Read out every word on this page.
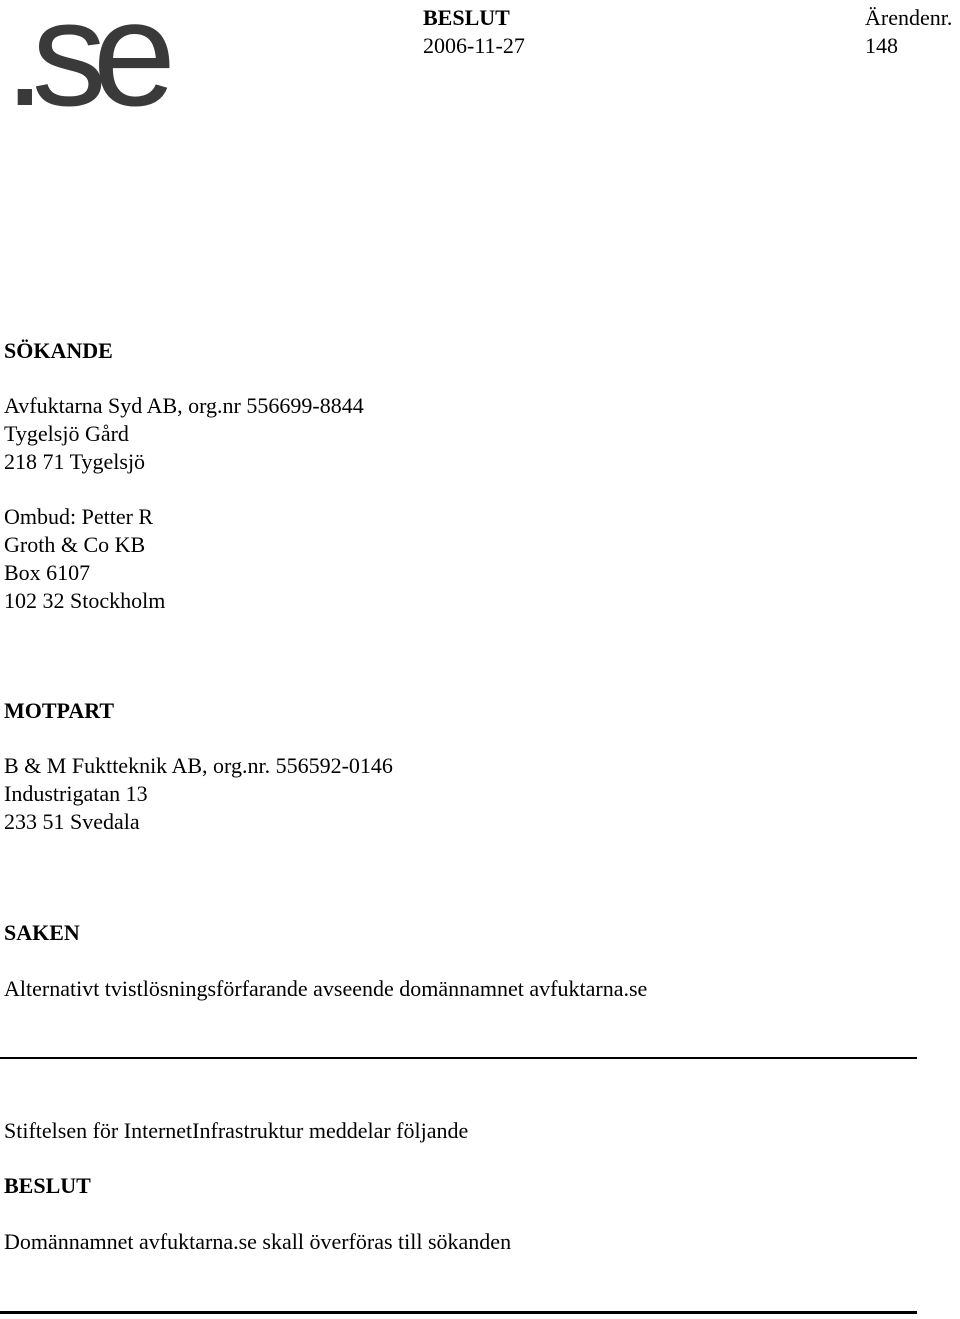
.se	BESLUT
2006-11-27
Ärendenr.
148
SÖKANDE
Avfuktarna Syd AB, org.nr 556699-8844
Tygelsjö Gård
218 71 Tygelsjö
Ombud: Petter R
Groth & Co KB
Box 6107
102 32 Stockholm
MOTPART
B & M Fuktteknik AB, org.nr. 556592-0146
Industrigatan 13
233 51 Svedala
SAKEN
Alternativt tvistlösningsförfarande avseende domännamnet avfuktarna.se
Stiftelsen för InternetInfrastruktur meddelar följande
BESLUT
Domännamnet avfuktarna.se skall överföras till sökanden
